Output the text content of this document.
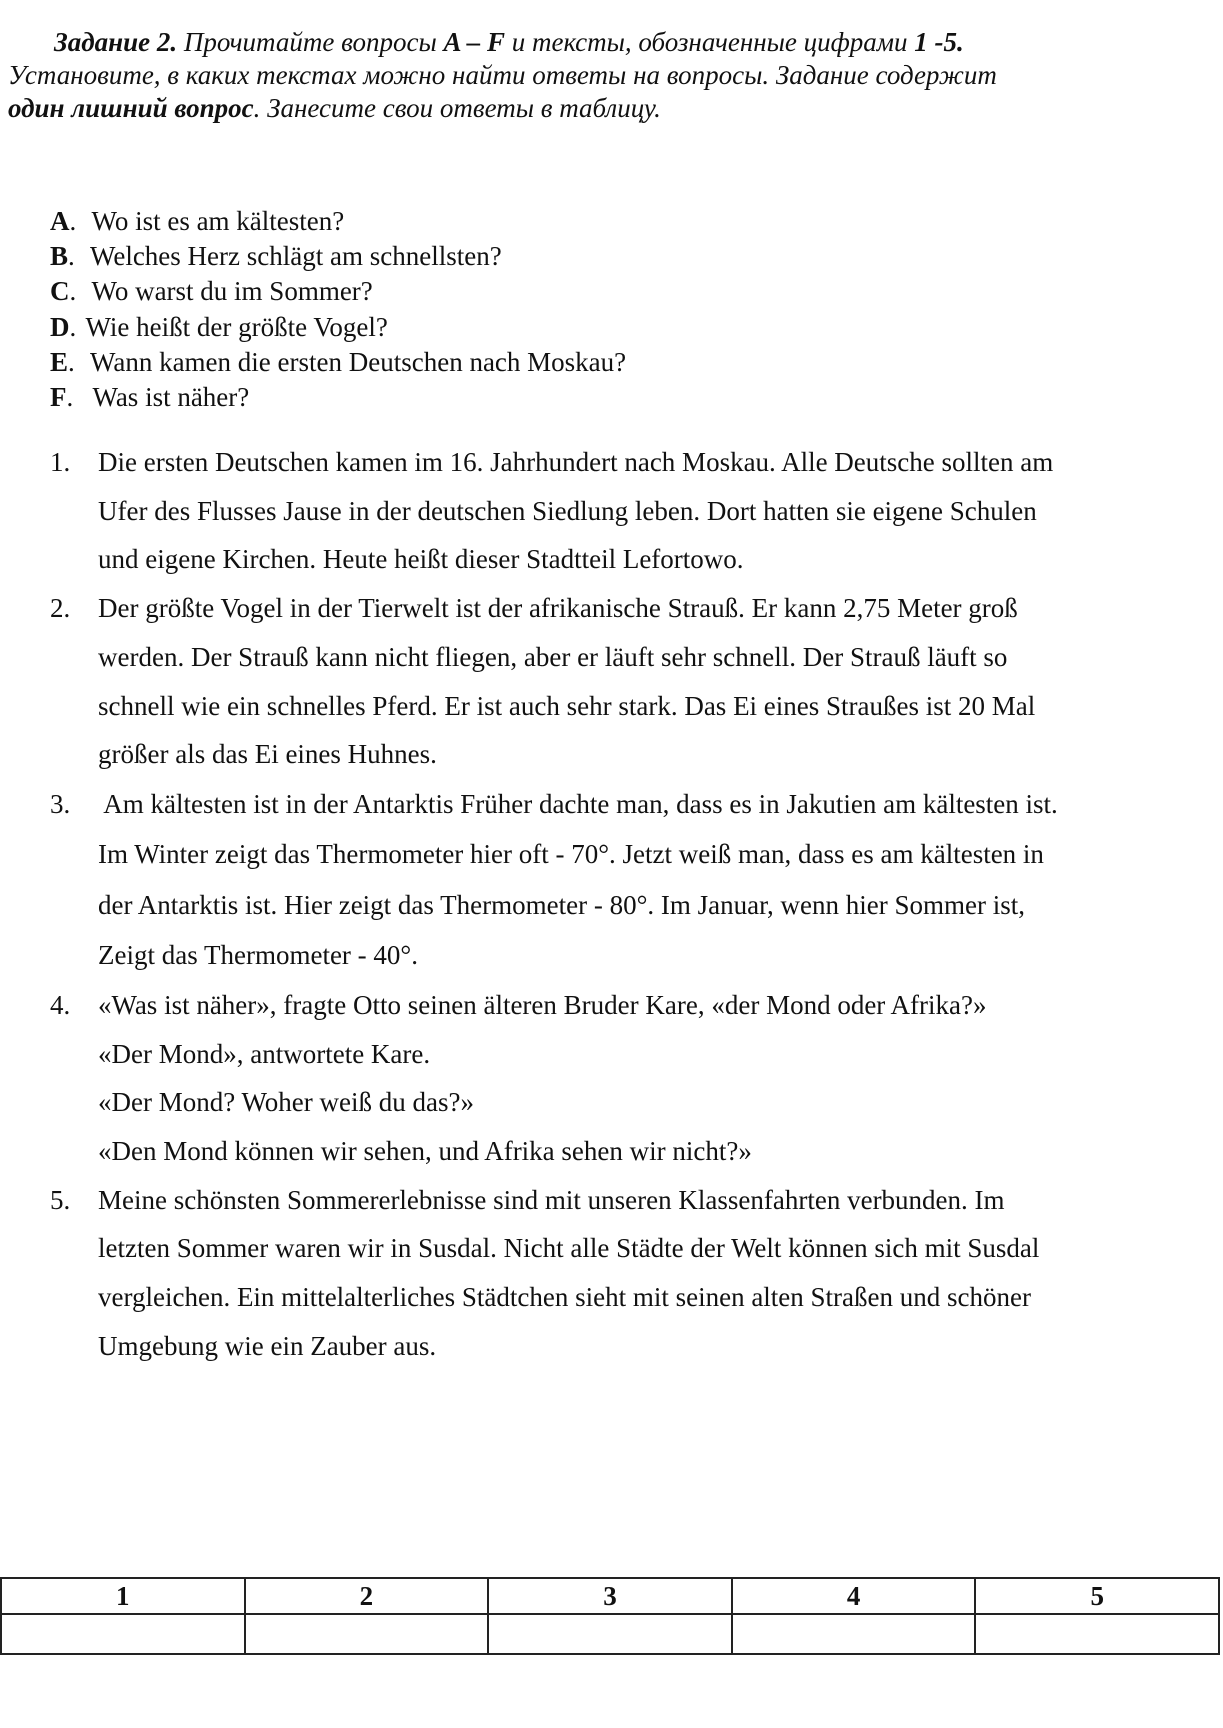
Задание 2. Прочитайте вопросы A – F и тексты, обозначенные цифрами 1 -5.
Установите, в каких текстах можно найти ответы на вопросы. Задание содержит
один лишний вопрос. Занесите свои ответы в таблицу.
A . Wo ist es am kältesten?
B . Welches Herz schlägt am schnellsten?
C . Wo warst du im Sommer?
D . Wie heißt der größte Vogel?
E . Wann kamen die ersten Deutschen nach Moskau?
F . Was ist näher?
1.	Die ersten Deutschen kamen im 16. Jahrhundert nach Moskau. Alle Deutsche sollten am
Ufer des Flusses Jause in der deutschen Siedlung leben. Dort hatten sie eigene Schulen
und eigene Kirchen. Heute heißt dieser Stadtteil Lefortowo.
2.	Der größte Vogel in der Tierwelt ist der afrikanische Strauß. Er kann 2,75 Meter groß
werden. Der Strauß kann nicht fliegen, aber er läuft sehr schnell. Der Strauß läuft so
schnell wie ein schnelles Pferd. Er ist auch sehr stark. Das Ei eines Straußes ist 20 Mal
größer als das Ei eines Huhnes.
3.	Am kältesten ist in der Antarktis Früher dachte man, dass es in Jakutien am kältesten ist.
Im Winter zeigt das Thermometer hier oft - 70°. Jetzt weiß man, dass es am kältesten in
der Antarktis ist. Hier zeigt das Thermometer - 80°. Im Januar, wenn hier Sommer ist,
Zeigt das Thermometer - 40°.
4.	«Was ist näher», fragte Otto seinen älteren Bruder Kare, «der Mond oder Afrika?»
«Der Mond», antwortete Kare.
«Der Mond? Woher weiß du das?»
«Den Mond können wir sehen, und Afrika sehen wir nicht?»
5.	Meine schönsten Sommererlebnisse sind mit unseren Klassenfahrten verbunden. Im
letzten Sommer waren wir in Susdal. Nicht alle Städte der Welt können sich mit Susdal
vergleichen. Ein mittelalterliches Städtchen sieht mit seinen alten Straßen und schöner
Umgebung wie ein Zauber aus.
1	2	3	4	5
